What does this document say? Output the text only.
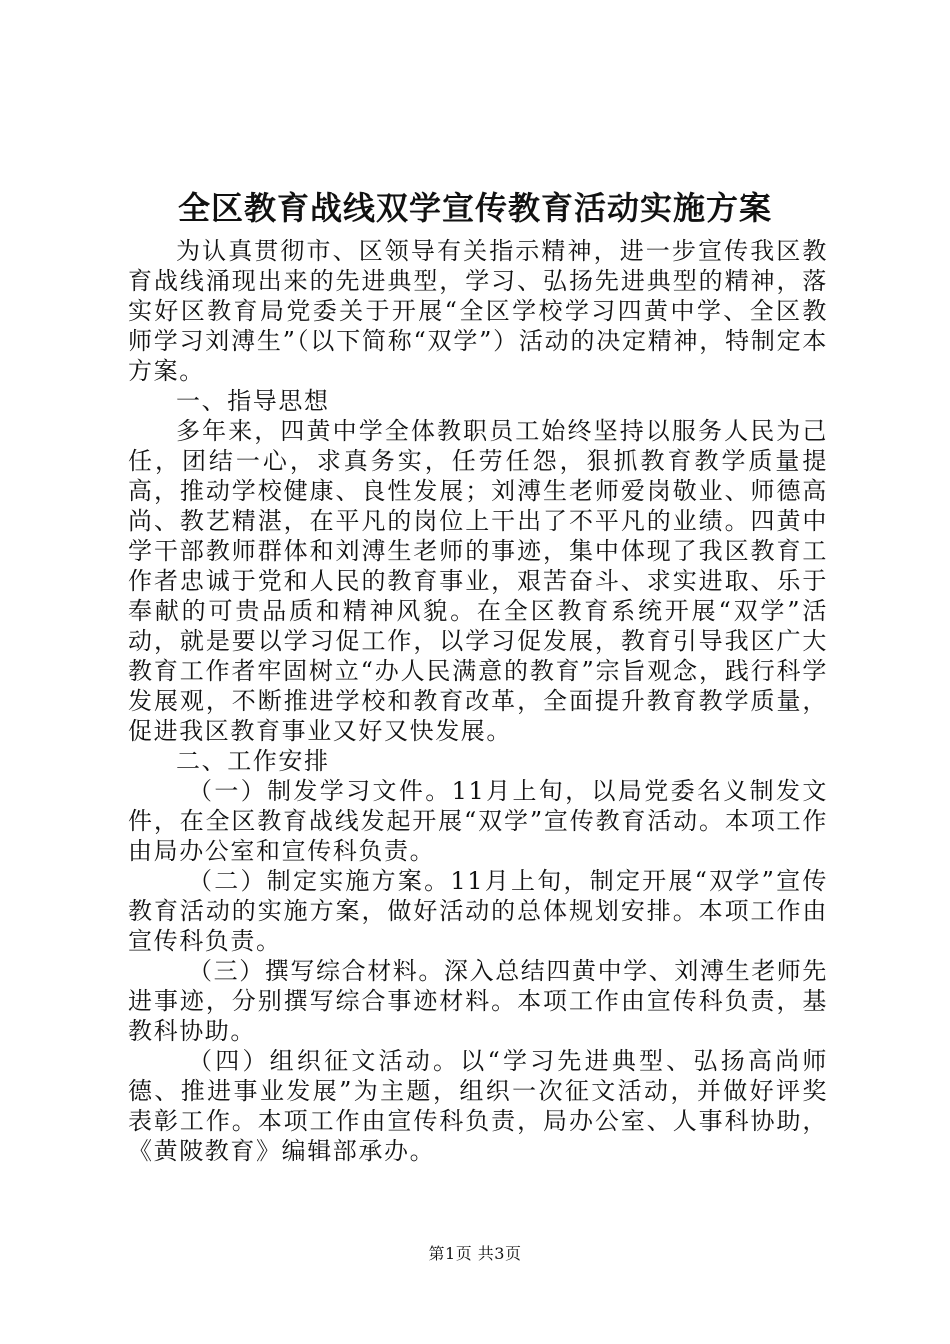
全区教育战线双学宣传教育活动实施方案

为认真贯彻市、区领导有关指示精神，进一步宣传我区教育战线涌现出来的先进典型，学习、弘扬先进典型的精神，落实好区教育局党委关于开展“全区学校学习四黄中学、全区教师学习刘溥生”（以下简称“双学”）活动的决定精神，特制定本方案。

一、指导思想

多年来，四黄中学全体教职员工始终坚持以服务人民为己任，团结一心，求真务实，任劳任怨，狠抓教育教学质量提高，推动学校健康、良性发展；刘溥生老师爱岗敬业、师德高尚、教艺精湛，在平凡的岗位上干出了不平凡的业绩。四黄中学干部教师群体和刘溥生老师的事迹，集中体现了我区教育工作者忠诚于党和人民的教育事业，艰苦奋斗、求实进取、乐于奉献的可贵品质和精神风貌。在全区教育系统开展“双学”活动，就是要以学习促工作，以学习促发展，教育引导我区广大教育工作者牢固树立“办人民满意的教育”宗旨观念，践行科学发展观，不断推进学校和教育改革，全面提升教育教学质量，促进我区教育事业又好又快发展。

二、工作安排

（一）制发学习文件。11月上旬，以局党委名义制发文件，在全区教育战线发起开展“双学”宣传教育活动。本项工作由局办公室和宣传科负责。

（二）制定实施方案。11月上旬，制定开展“双学”宣传教育活动的实施方案，做好活动的总体规划安排。本项工作由宣传科负责。

（三）撰写综合材料。深入总结四黄中学、刘溥生老师先进事迹，分别撰写综合事迹材料。本项工作由宣传科负责，基教科协助。

（四）组织征文活动。以“学习先进典型、弘扬高尚师德、推进事业发展”为主题，组织一次征文活动，并做好评奖表彰工作。本项工作由宣传科负责，局办公室、人事科协助，《黄陂教育》编辑部承办。

第1页 共3页
